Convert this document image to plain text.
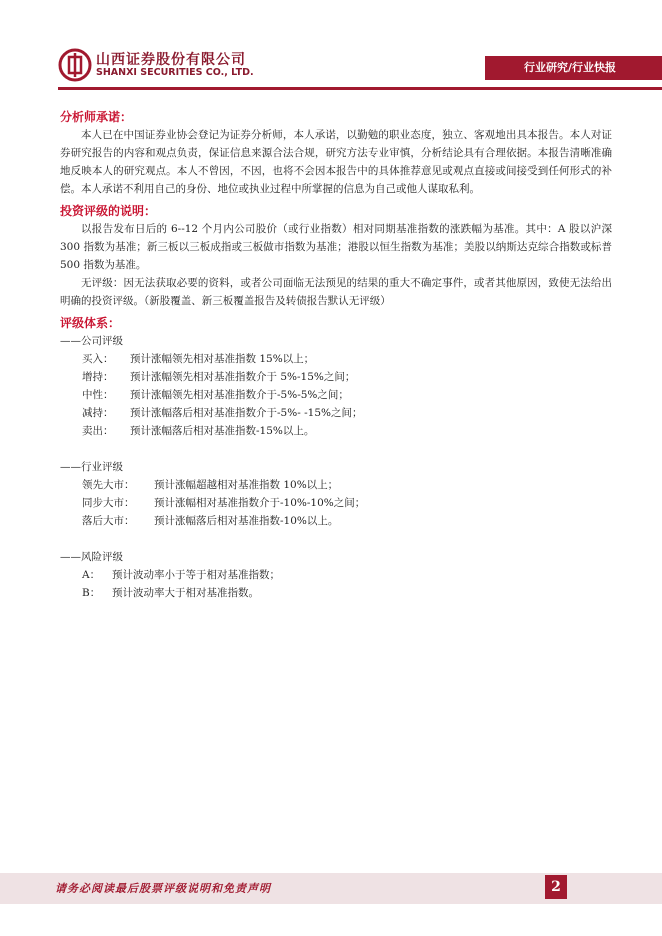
山西证券股份有限公司
SHANXI SECURITIES CO., LTD.	行业研究/行业快报

分析师承诺：

本人已在中国证券业协会登记为证券分析师，本人承诺，以勤勉的职业态度，独立、客观地出具本报告。本人对证券研究报告的内容和观点负责，保证信息来源合法合规，研究方法专业审慎，分析结论具有合理依据。本报告清晰准确地反映本人的研究观点。本人不曾因，不因，也将不会因本报告中的具体推荐意见或观点直接或间接受到任何形式的补偿。本人承诺不利用自己的身份、地位或执业过程中所掌握的信息为自己或他人谋取私利。

投资评级的说明：

以报告发布日后的 6--12 个月内公司股价（或行业指数）相对同期基准指数的涨跌幅为基准。其中：A 股以沪深 300 指数为基准；新三板以三板成指或三板做市指数为基准；港股以恒生指数为基准；美股以纳斯达克综合指数或标普 500 指数为基准。

无评级：因无法获取必要的资料，或者公司面临无法预见的结果的重大不确定事件，或者其他原因，致使无法给出明确的投资评级。（新股覆盖、新三板覆盖报告及转债报告默认无评级）

评级体系：

——公司评级

买入：	预计涨幅领先相对基准指数 15%以上；
增持：	预计涨幅领先相对基准指数介于 5%-15%之间；
中性：	预计涨幅领先相对基准指数介于-5%-5%之间；
减持：	预计涨幅落后相对基准指数介于-5%- -15%之间；
卖出：	预计涨幅落后相对基准指数-15%以上。

——行业评级

领先大市：	预计涨幅超越相对基准指数 10%以上；
同步大市：	预计涨幅相对基准指数介于-10%-10%之间；
落后大市：	预计涨幅落后相对基准指数-10%以上。

——风险评级

A：	预计波动率小于等于相对基准指数；
B：	预计波动率大于相对基准指数。
请务必阅读最后股票评级说明和免责声明	2
